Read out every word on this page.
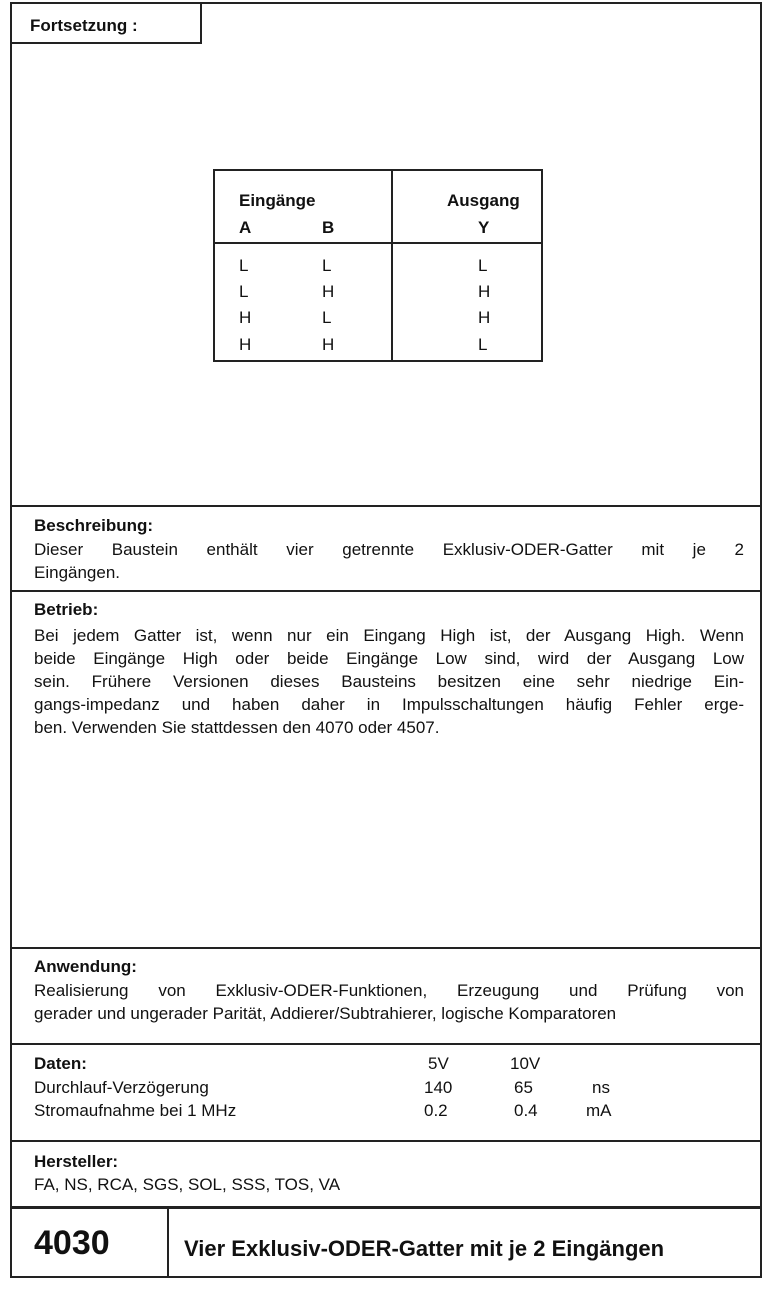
Fortsetzung :
Eingänge	Ausgang
A	B	Y
L	L	L
L	H	H
H	L	H
H	H	L
Beschreibung:
Dieser Baustein enthält vier getrennte Exklusiv-ODER-Gatter mit je 2
Eingängen.
Betrieb:
Bei jedem Gatter ist, wenn nur ein Eingang High ist, der Ausgang High. Wenn
beide Eingänge High oder beide Eingänge Low sind, wird der Ausgang Low
sein. Frühere Versionen dieses Bausteins besitzen eine sehr niedrige Ein-
gangs-impedanz und haben daher in Impulsschaltungen häufig Fehler erge-
ben. Verwenden Sie stattdessen den 4070 oder 4507.
Anwendung:
Realisierung von Exklusiv-ODER-Funktionen, Erzeugung und Prüfung von
gerader und ungerader Parität, Addierer/Subtrahierer, logische Komparatoren
Daten:	5V	10V
Durchlauf-Verzögerung	140	65	ns
Stromaufnahme bei 1 MHz	0.2	0.4	mA
Hersteller:
FA, NS, RCA, SGS, SOL, SSS, TOS, VA
4030	Vier Exklusiv-ODER-Gatter mit je 2 Eingängen
